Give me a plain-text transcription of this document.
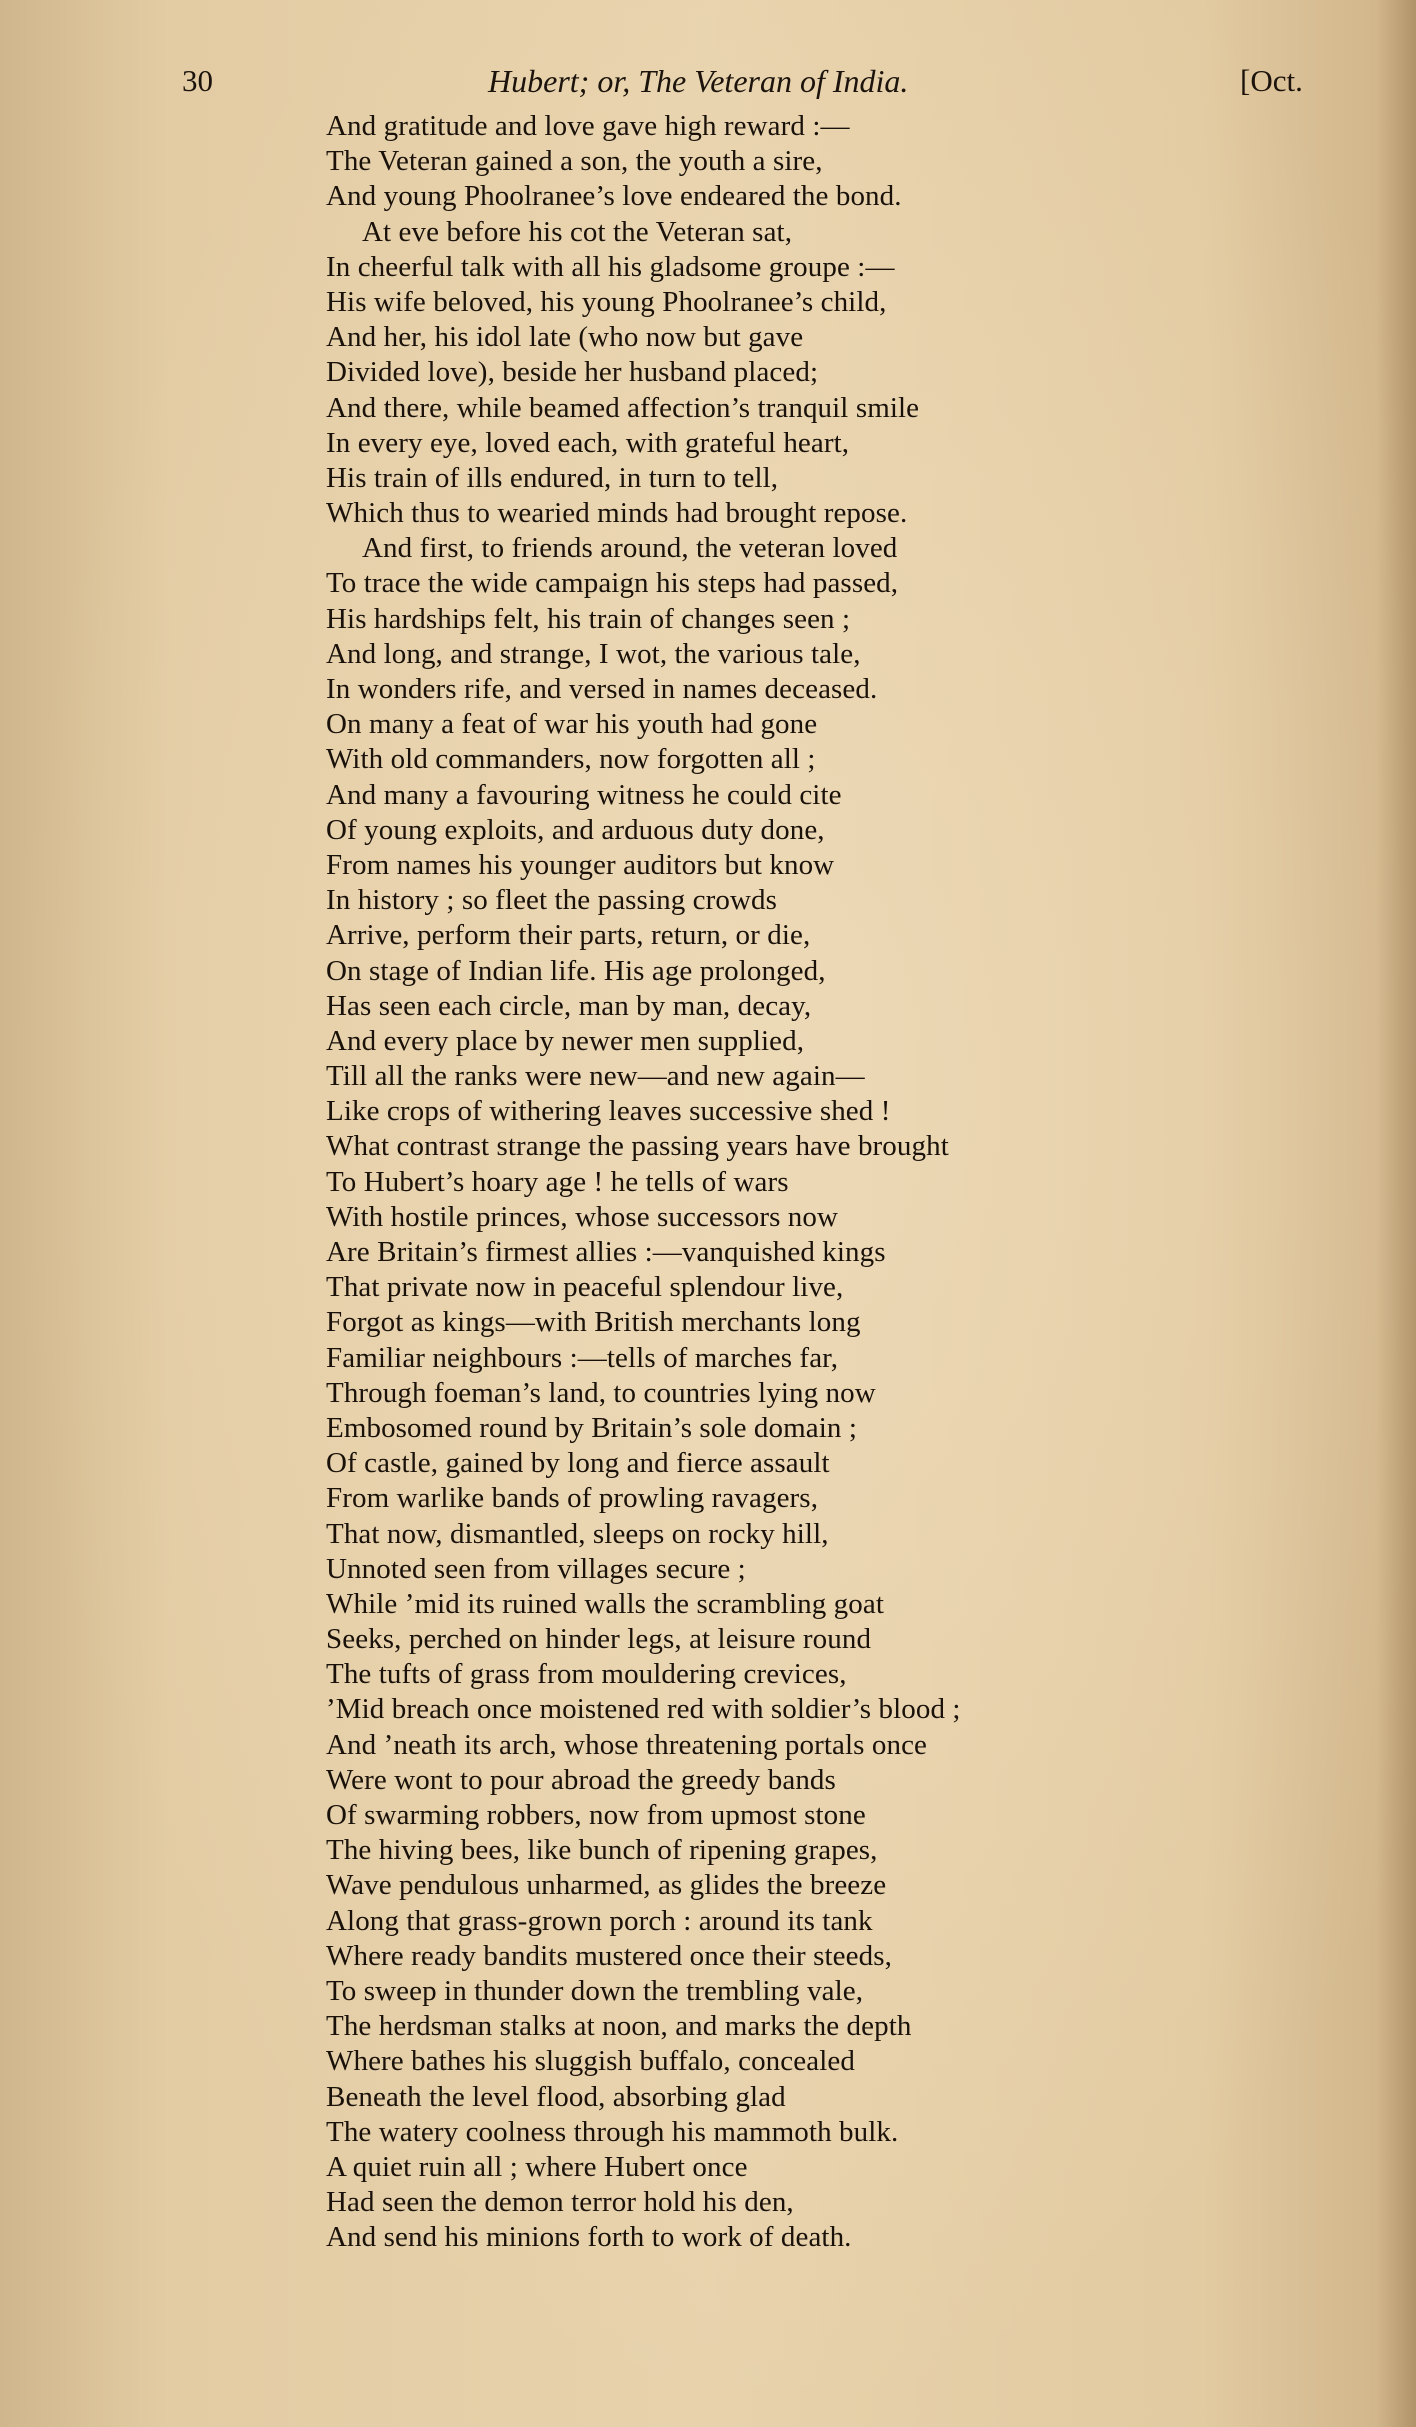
30	Hubert; or, The Veteran of India.	[Oct.
And gratitude and love gave high reward :—
The Veteran gained a son, the youth a sire,
And young Phoolranee’s love endeared the bond.
At eve before his cot the Veteran sat,
In cheerful talk with all his gladsome groupe :—
His wife beloved, his young Phoolranee’s child,
And her, his idol late (who now but gave
Divided love), beside her husband placed;
And there, while beamed affection’s tranquil smile
In every eye, loved each, with grateful heart,
His train of ills endured, in turn to tell,
Which thus to wearied minds had brought repose.
And first, to friends around, the veteran loved
To trace the wide campaign his steps had passed,
His hardships felt, his train of changes seen ;
And long, and strange, I wot, the various tale,
In wonders rife, and versed in names deceased.
On many a feat of war his youth had gone
With old commanders, now forgotten all ;
And many a favouring witness he could cite
Of young exploits, and arduous duty done,
From names his younger auditors but know
In history ; so fleet the passing crowds
Arrive, perform their parts, return, or die,
On stage of Indian life. His age prolonged,
Has seen each circle, man by man, decay,
And every place by newer men supplied,
Till all the ranks were new—and new again—
Like crops of withering leaves successive shed !
What contrast strange the passing years have brought
To Hubert’s hoary age ! he tells of wars
With hostile princes, whose successors now
Are Britain’s firmest allies :—vanquished kings
That private now in peaceful splendour live,
Forgot as kings—with British merchants long
Familiar neighbours :—tells of marches far,
Through foeman’s land, to countries lying now
Embosomed round by Britain’s sole domain ;
Of castle, gained by long and fierce assault
From warlike bands of prowling ravagers,
That now, dismantled, sleeps on rocky hill,
Unnoted seen from villages secure ;
While ’mid its ruined walls the scrambling goat
Seeks, perched on hinder legs, at leisure round
The tufts of grass from mouldering crevices,
’Mid breach once moistened red with soldier’s blood ;
And ’neath its arch, whose threatening portals once
Were wont to pour abroad the greedy bands
Of swarming robbers, now from upmost stone
The hiving bees, like bunch of ripening grapes,
Wave pendulous unharmed, as glides the breeze
Along that grass-grown porch : around its tank
Where ready bandits mustered once their steeds,
To sweep in thunder down the trembling vale,
The herdsman stalks at noon, and marks the depth
Where bathes his sluggish buffalo, concealed
Beneath the level flood, absorbing glad
The watery coolness through his mammoth bulk.
A quiet ruin all ; where Hubert once
Had seen the demon terror hold his den,
And send his minions forth to work of death.
